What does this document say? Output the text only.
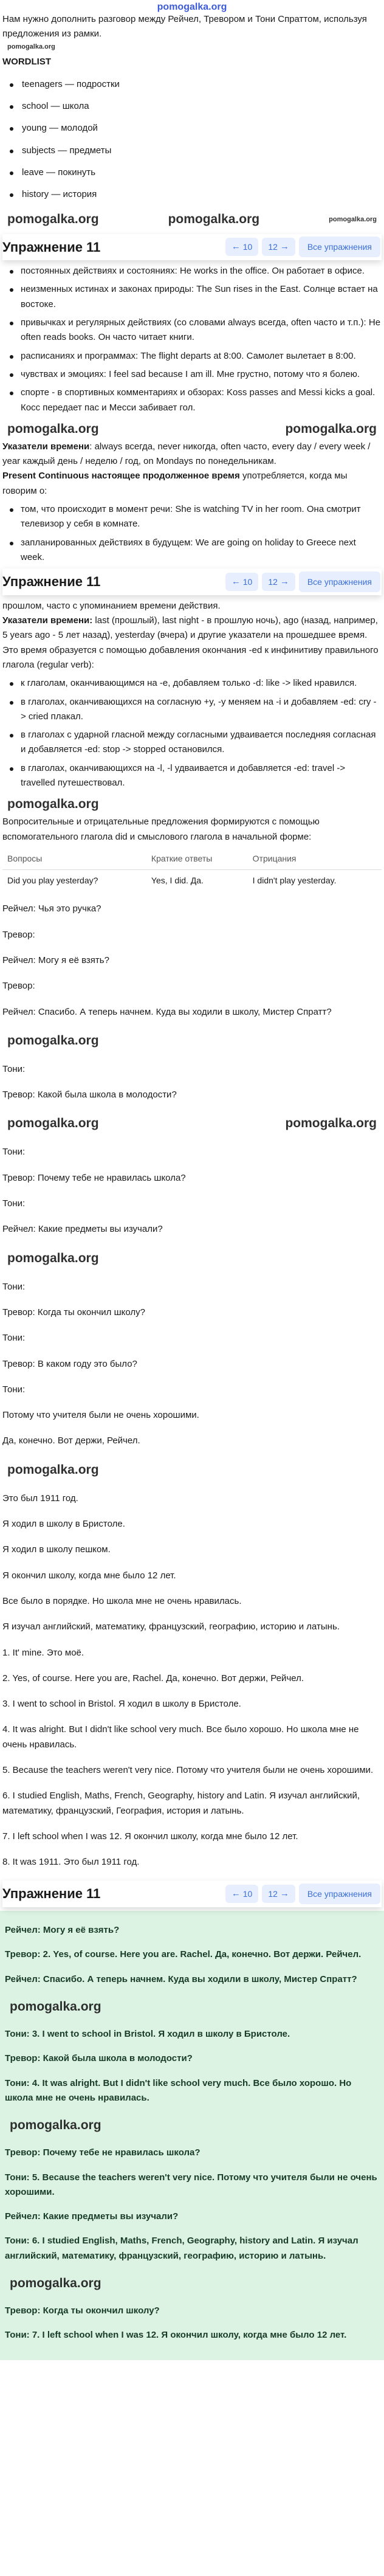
pomogalka.org

Нам нужно дополнить разговор между Рейчел, Тревором и Тони Спраттом, используя предложения из рамки.

pomogalka.org

WORDLIST

teenagers — подростки
school — школа
young — молодой
subjects — предметы
leave — покинуть
history — история
pomogalka.org	pomogalka.org	pomogalka.org
Упражнение 11	←
10 12
→	Все упражнения
постоянных действиях и состояниях: He works in the office. Он работает в офисе.
неизменных истинах и законах природы: The Sun rises in the East. Солнце встает на востоке.
привычках и регулярных действиях (со словами always всегда, often часто и т.п.): He often reads books. Он часто читает книги.
расписаниях и программах: The flight departs at 8:00. Самолет вылетает в 8:00.
чувствах и эмоциях: I feel sad because I am ill. Мне грустно, потому что я болею.
спорте - в спортивных комментариях и обзорах: Koss passes and Messi kicks a goal. Косс передает пас и Месси забивает гол.
pomogalka.org	pomogalka.org

Указатели времени: always всегда, never никогда, often часто, every day / every week / year каждый день / неделю / год, on Mondays по понедельникам.

Present Continuous настоящее продолженное время употребляется, когда мы говорим о:

том, что происходит в момент речи: She is watching TV in her room. Она смотрит телевизор у себя в комнате.
запланированных действиях в будущем: We are going on holiday to Greece next week.
Упражнение 11	←
10 12
→	Все упражнения

прошлом, часто с упоминанием времени действия.

Указатели времени: last (прошлый), last night - в прошлую ночь), ago (назад, например, 5 years ago - 5 лет назад), yesterday (вчера) и другие указатели на прошедшее время.

Это время образуется с помощью добавления окончания -ed к инфинитиву правильного глагола (regular verb):

к глаголам, оканчивающимся на -e, добавляем только -d: like -> liked нравился.
в глаголах, оканчивающихся на согласную +y, -y меняем на -i и добавляем -ed: cry -> cried плакал.
в глаголах с ударной гласной между согласными удваивается последняя согласная и добавляется -ed: stop -> stopped остановился.
в глаголах, оканчивающихся на -l, -l удваивается и добавляется -ed: travel -> travelled путешествовал.
pomogalka.org

Вопросительные и отрицательные предложения формируются с помощью вспомогательного глагола did и смыслового глагола в начальной форме:

Вопросы	Краткие ответы	Отрицания
Did you play yesterday?	Yes, I did. Да.	I didn't play yesterday.

Рейчел: Чья это ручка?

Тревор:

Рейчел: Могу я её взять?

Тревор:

Рейчел: Спасибо. А теперь начнем. Куда вы ходили в школу, Мистер Спратт?

pomogalka.org

Тони:

Тревор: Какой была школа в молодости?

pomogalka.org	pomogalka.org

Тони:

Тревор: Почему тебе не нравилась школа?

Тони:

Рейчел: Какие предметы вы изучали?

pomogalka.org

Тони:

Тревор: Когда ты окончил школу?

Тони:

Тревор: В каком году это было?

Тони:

Потому что учителя были не очень хорошими.

Да, конечно. Вот держи, Рейчел.

pomogalka.org

Это был 1911 год.

Я ходил в школу в Бристоле.

Я ходил в школу пешком.

Я окончил школу, когда мне было 12 лет.

Все было в порядке. Но школа мне не очень нравилась.

Я изучал английский, математику, французский, географию, историю и латынь.

1. It' mine. Это моё.

2. Yes, of course. Here you are, Rachel. Да, конечно. Вот держи, Рейчел.

3. I went to school in Bristol. Я ходил в школу в Бристоле.

4. It was alright. But I didn't like school very much. Все было хорошо. Но школа мне не очень нравилась.

5. Because the teachers weren't very nice. Потому что учителя были не очень хорошими.

6. I studied English, Maths, French, Geography, history and Latin. Я изучал английский, математику, французский, География, история и латынь.

7. I left school when I was 12. Я окончил школу, когда мне было 12 лет.

8. It was 1911. Это был 1911 год.

Упражнение 11	←
10 12
→	Все упражнения

Рейчел: Могу я её взять?

Тревор: 2. Yes, of course. Here you are. Rachel. Да, конечно. Вот держи. Рейчел.

Рейчел: Спасибо. А теперь начнем. Куда вы ходили в школу, Мистер Спратт?

pomogalka.org

Тони: 3. I went to school in Bristol. Я ходил в школу в Бристоле.

Тревор: Какой была школа в молодости?

Тони: 4. It was alright. But I didn't like school very much. Все было хорошо. Но школа мне не очень нравилась.

pomogalka.org

Тревор: Почему тебе не нравилась школа?

Тони: 5. Because the teachers weren't very nice. Потому что учителя были не очень хорошими.

Рейчел: Какие предметы вы изучали?

Тони: 6. I studied English, Maths, French, Geography, history and Latin. Я изучал английский, математику, французский, географию, историю и латынь.

pomogalka.org

Тревор: Когда ты окончил школу?

Тони: 7. I left school when I was 12. Я окончил школу, когда мне было 12 лет.
